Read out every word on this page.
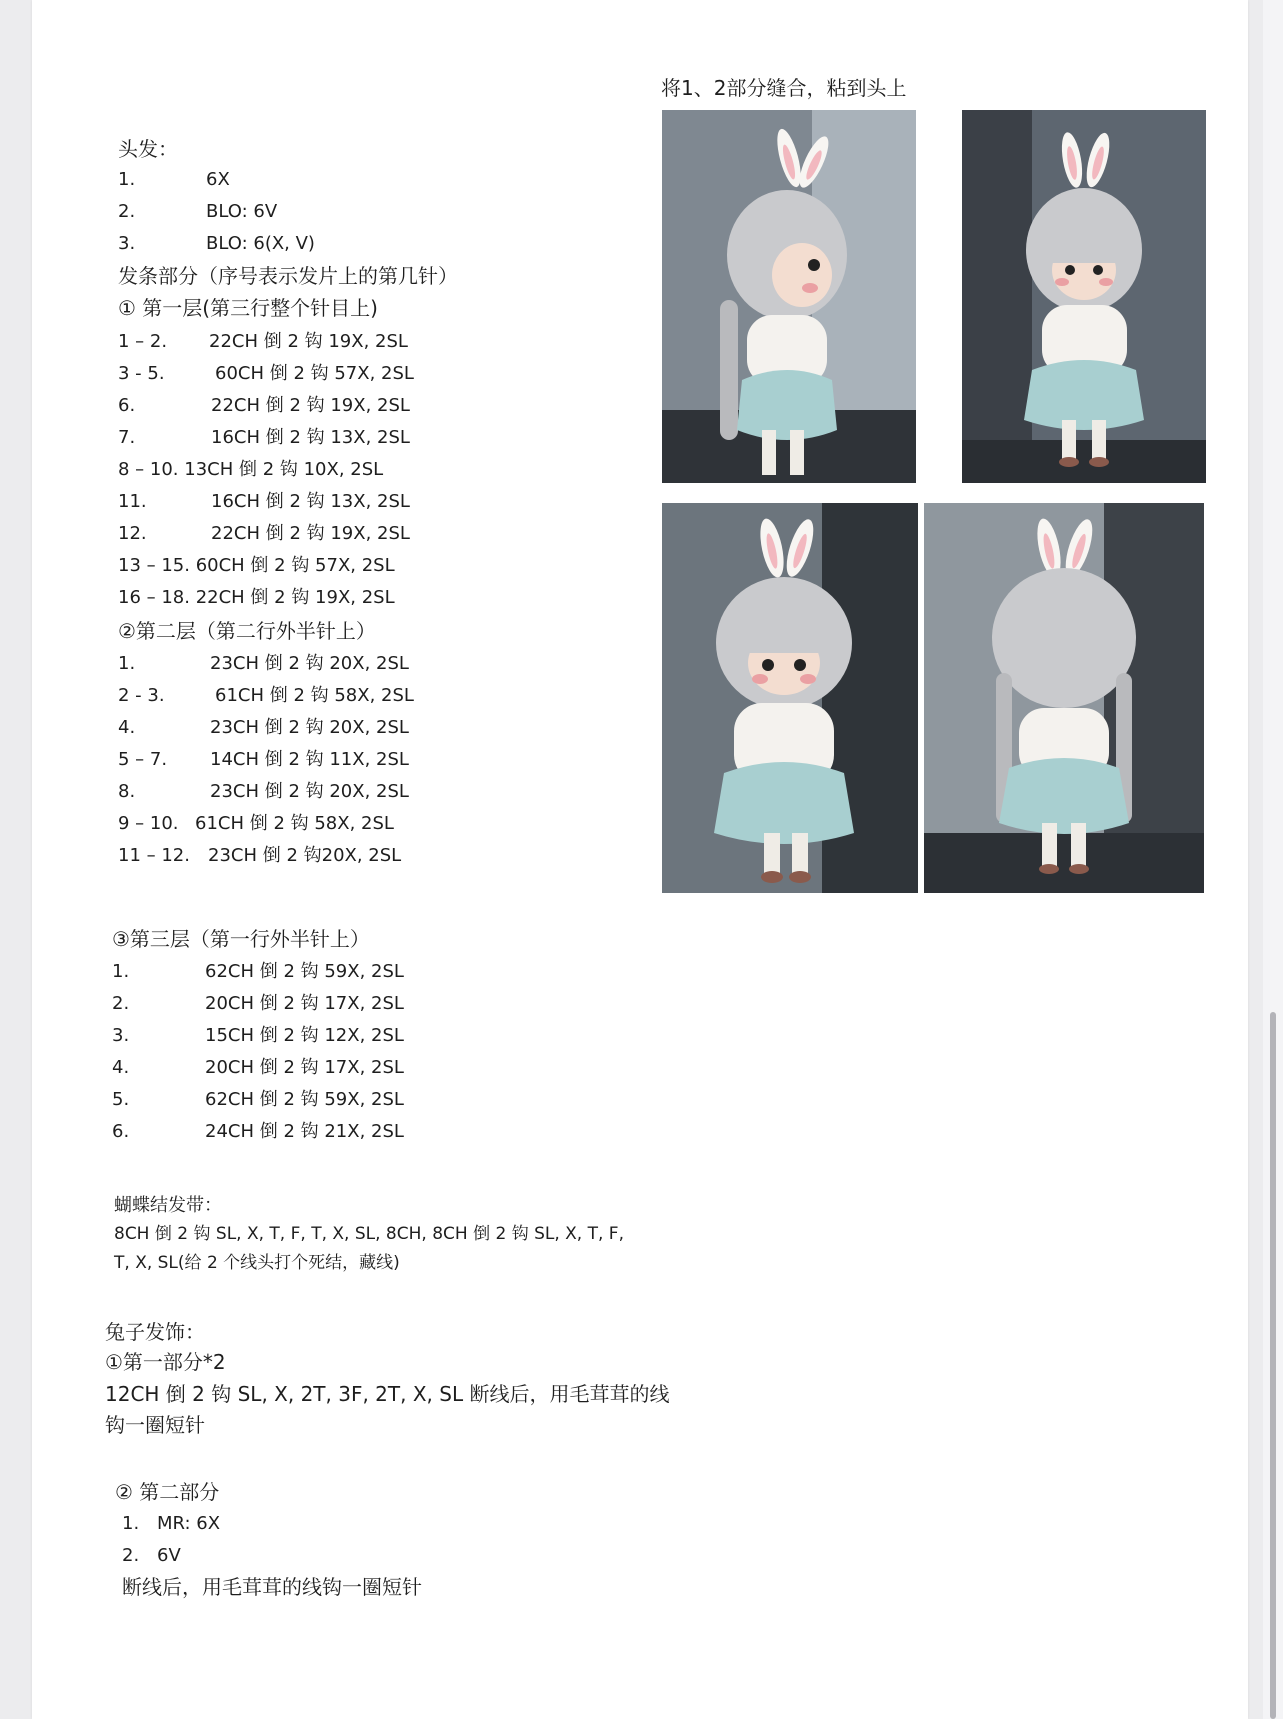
头发：
1.	6X
2.	BLO: 6V
3.	BLO: 6(X, V)
发条部分（序号表示发片上的第几针）
① 第一层(第三行整个针目上)
1 – 2. 22CH 倒 2 钩 19X, 2SL
3 - 5.	60CH 倒 2 钩 57X, 2SL
6.	22CH 倒 2 钩 19X, 2SL
7.	16CH 倒 2 钩 13X, 2SL
8 – 10. 13CH 倒 2 钩 10X, 2SL
11.	16CH 倒 2 钩 13X, 2SL
12.	22CH 倒 2 钩 19X, 2SL
13 – 15. 60CH 倒 2 钩 57X, 2SL
16 – 18. 22CH 倒 2 钩 19X, 2SL
②第二层（第二行外半针上）
1.	23CH 倒 2 钩 20X, 2SL
2 - 3.	61CH 倒 2 钩 58X, 2SL
4.	23CH 倒 2 钩 20X, 2SL
5 – 7. 14CH 倒 2 钩 11X, 2SL
8.	23CH 倒 2 钩 20X, 2SL
9 – 10. 61CH 倒 2 钩 58X, 2SL
11 – 12. 23CH 倒 2 钩20X, 2SL
③第三层（第一行外半针上）
1.	62CH 倒 2 钩 59X, 2SL
2.	20CH 倒 2 钩 17X, 2SL
3.	15CH 倒 2 钩 12X, 2SL
4.	20CH 倒 2 钩 17X, 2SL
5.	62CH 倒 2 钩 59X, 2SL
6.	24CH 倒 2 钩 21X, 2SL
蝴蝶结发带：
8CH 倒 2 钩 SL, X, T, F, T, X, SL, 8CH, 8CH 倒 2 钩 SL, X, T, F,
T, X, SL(给 2 个线头打个死结，藏线)
兔子发饰：
①第一部分*2
12CH 倒 2 钩 SL, X, 2T, 3F, 2T, X, SL 断线后，用毛茸茸的线
钩一圈短针
② 第二部分
1. MR: 6X
2. 6V
断线后，用毛茸茸的线钩一圈短针
将1、2部分缝合，粘到头上
